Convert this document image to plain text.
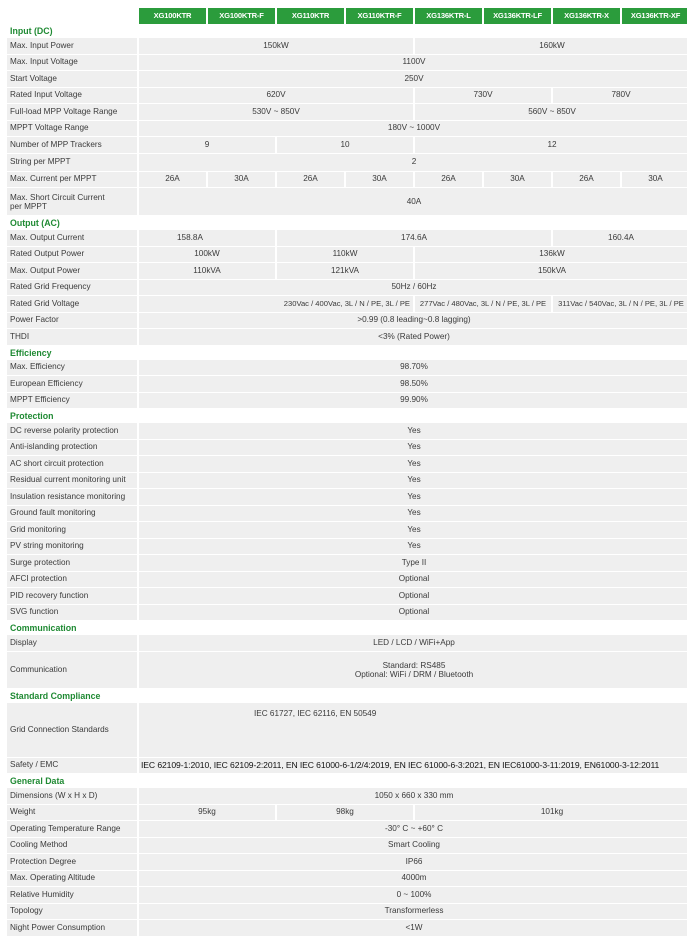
	XG100KTR	XG100KTR-F	XG110KTR	XG110KTR-F	XG136KTR-L	XG136KTR-LF	XG136KTR-X	XG136KTR-XF
Input (DC)								
Max. Input Power	150kW				160kW			
Max. Input Voltage	1100V							
Start Voltage	250V							
Rated Input Voltage	620V				730V		780V	
Full-load MPP Voltage Range	530V ~ 850V				560V ~ 850V			
MPPT Voltage Range	180V ~ 1000V							
Number of MPP Trackers	9		10		12			
String per MPPT	2							
Max. Current per MPPT	26A	30A	26A	30A	26A	30A	26A	30A

Max. Short Circuit Current
per MPPT	40A							
Output (AC)								
Max. Output Current	158.8A		174.6A				160.4A	
Rated Output Power	100kW		110kW		136kW			
Max. Output Power	110kVA		121kVA		150kVA			
Rated Grid Frequency	50Hz / 60Hz							
Rated Grid Voltage	230Vac / 400Vac, 3L / N / PE, 3L / PE				277Vac / 480Vac, 3L / N / PE, 3L / PE		311Vac / 540Vac, 3L / N / PE, 3L / PE	
Power Factor	>0.99 (0.8 leading~0.8 lagging)							
THDI	<3% (Rated Power)							
Efficiency								
Max. Efficiency	98.70%							
European Efficiency	98.50%							
MPPT Efficiency	99.90%							
Protection								
DC reverse polarity protection	Yes							
Anti-islanding protection	Yes							
AC short circuit protection	Yes							
Residual current monitoring unit	Yes							
Insulation resistance monitoring	Yes							
Ground fault monitoring	Yes							
Grid monitoring	Yes							
PV string monitoring	Yes							
Surge protection	Type II							
AFCI protection	Optional							
PID recovery function	Optional							
SVG function	Optional							
Communication								
Display	LED / LCD / WiFi+App							
Communication	Standard: RS485
Optional: WiFi / DRM / Bluetooth							

Standard Compliance								
Grid Connection Standards	IEC 61727, IEC 62116, EN 50549							
Safety / EMC	IEC 62109-1:2010, IEC 62109-2:2011, EN IEC 61000-6-1/2/4:2019, EN IEC 61000-6-3:2021, EN IEC61000-3-11:2019, EN61000-3-12:2011							
General Data								
Dimensions (W x H x D)	1050 x 660 x 330 mm							
Weight	95kg		98kg		101kg			
Operating Temperature Range	-30° C ~ +60° C							
Cooling Method	Smart Cooling							
Protection Degree	IP66							
Max. Operating Altitude	4000m							
Relative Humidity	0 ~ 100%							
Topology	Transformerless							
Night Power Consumption	<1W							
